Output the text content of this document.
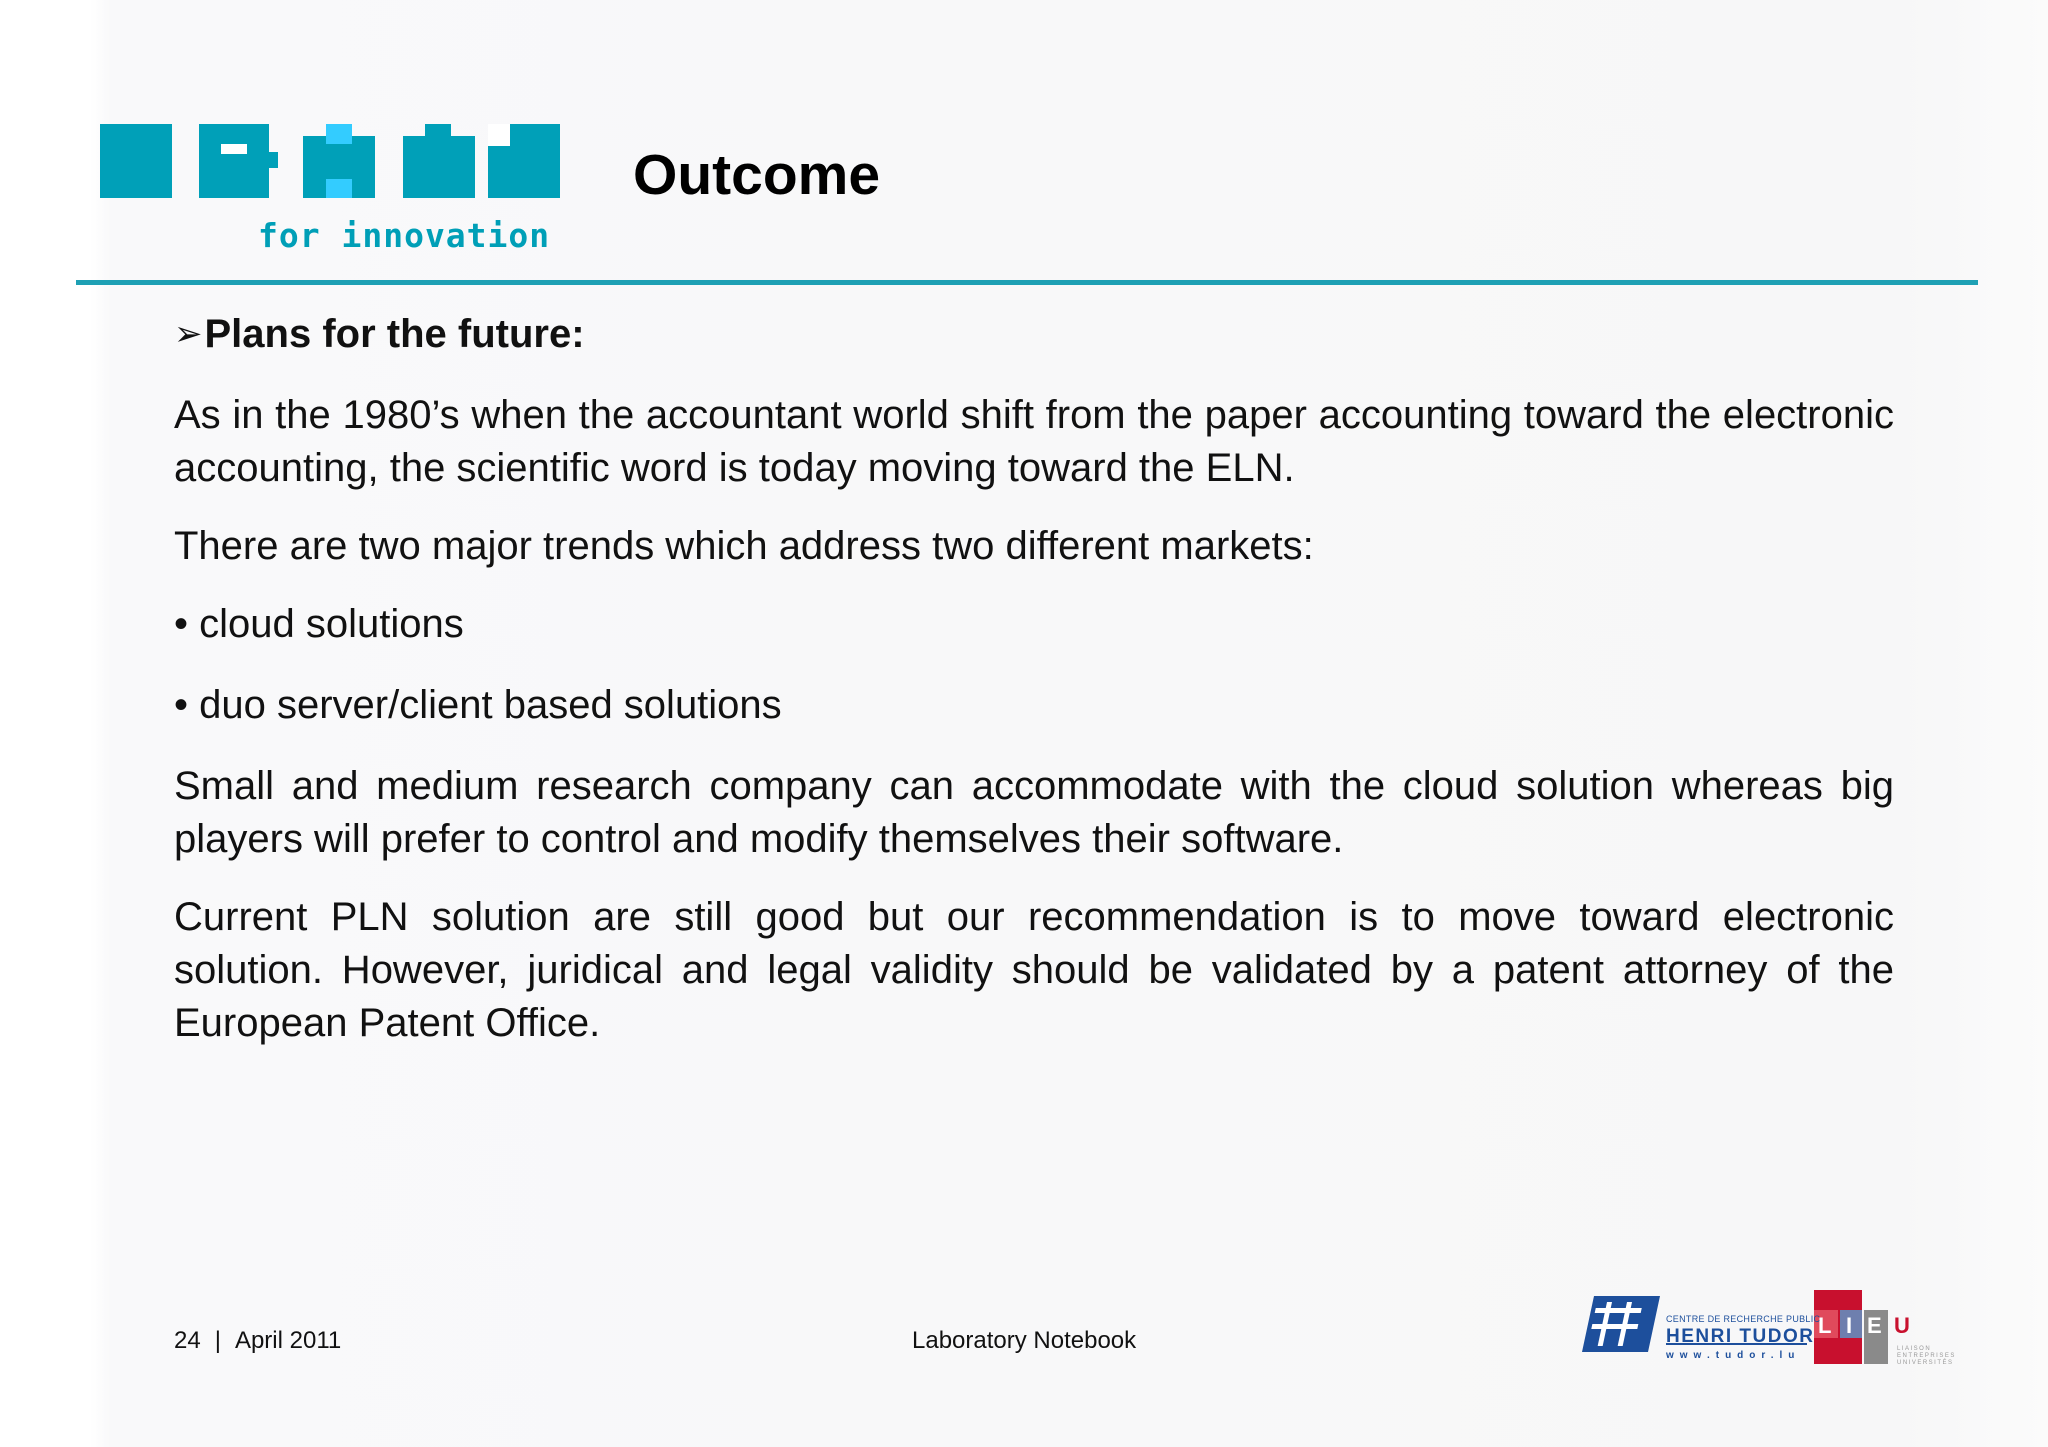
for innovation
Outcome
➢Plans for the future:

As in the 1980’s when the accountant world shift from the paper accounting toward the electronic accounting, the scientific word is today moving toward the ELN.

There are two major trends which address two different markets:

• cloud solutions

• duo server/client based solutions

Small and medium research company can accommodate with the cloud solution whereas big players will prefer to control and modify themselves their software.

Current PLN solution are still good but our recommendation is to move toward electronic solution. However, juridical and legal validity should be validated by a patent attorney of the European Patent Office.

24 | April 2011	Laboratory Notebook
L I E U
CENTRE DE RECHERCHE PUBLIC
HENRI TUDOR
www.tudor.lu
LIAISON
ENTREPRISES
UNIVERSITÉS
